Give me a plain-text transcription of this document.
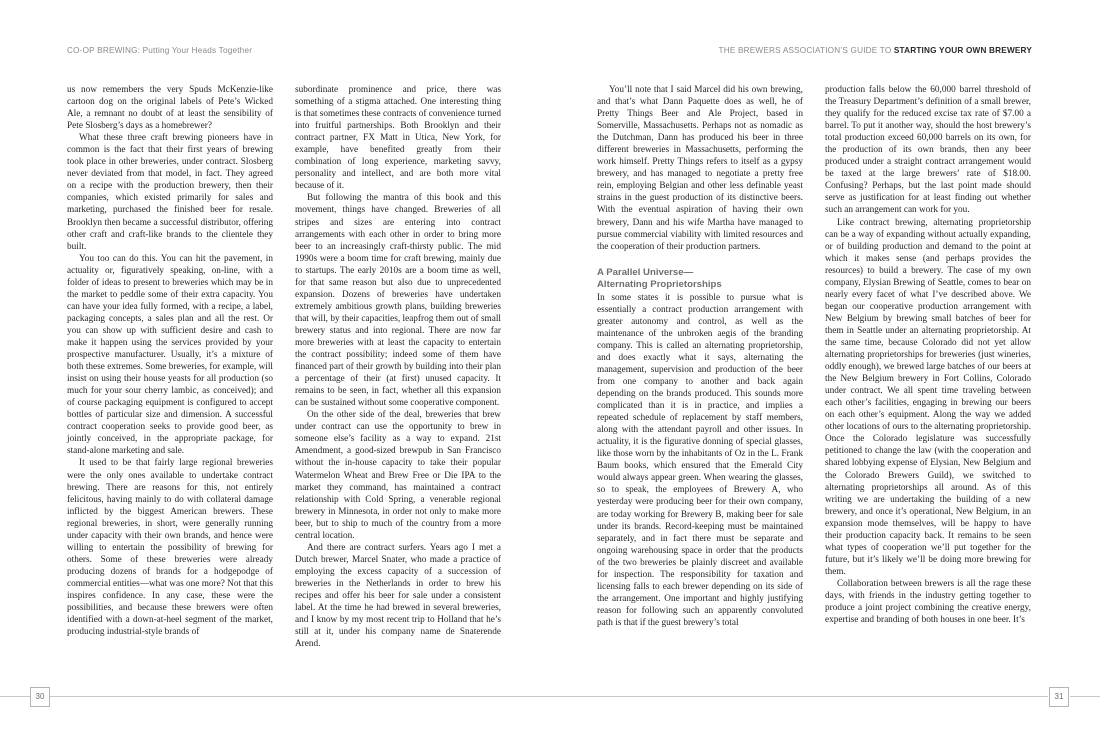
CO-OP BREWING: Putting Your Heads Together	THE BREWERS ASSOCIATION’S GUIDE TO STARTING YOUR OWN BREWERY

us now remembers the very Spuds McKenzie-like cartoon dog on the original labels of Pete’s Wicked Ale, a remnant no doubt of at least the sensibility of Pete Slosberg’s days as a homebrewer?

What these three craft brewing pioneers have in common is the fact that their first years of brewing took place in other breweries, under contract. Slosberg never deviated from that model, in fact. They agreed on a recipe with the production brewery, then their companies, which existed primarily for sales and marketing, purchased the finished beer for resale. Brooklyn then became a successful distributor, offering other craft and craft-like brands to the clientele they built.

You too can do this. You can hit the pavement, in actuality or, figuratively speaking, on-line, with a folder of ideas to present to breweries which may be in the market to peddle some of their extra capacity. You can have your idea fully formed, with a recipe, a label, packaging concepts, a sales plan and all the rest. Or you can show up with sufficient desire and cash to make it happen using the services provided by your prospective manufacturer. Usually, it’s a mixture of both these extremes. Some breweries, for example, will insist on using their house yeasts for all production (so much for your sour cherry lambic, as conceived); and of course packaging equipment is configured to accept bottles of particular size and dimension. A successful contract cooperation seeks to provide good beer, as jointly conceived, in the appropriate package, for stand-alone marketing and sale.

It used to be that fairly large regional breweries were the only ones available to undertake contract brewing. There are reasons for this, not entirely felicitous, having mainly to do with collateral damage inflicted by the biggest American brewers. These regional breweries, in short, were generally running under capacity with their own brands, and hence were willing to entertain the possibility of brewing for others. Some of these breweries were already producing dozens of brands for a hodgepodge of commercial entities—what was one more? Not that this inspires confidence. In any case, these were the possibilities, and because these brewers were often identified with a down-at-heel segment of the market, producing industrial-style brands of

subordinate prominence and price, there was something of a stigma attached. One interesting thing is that sometimes these contracts of convenience turned into fruitful partnerships. Both Brooklyn and their contract partner, FX Matt in Utica, New York, for example, have benefited greatly from their combination of long experience, marketing savvy, personality and intellect, and are both more vital because of it.

But following the mantra of this book and this movement, things have changed. Breweries of all stripes and sizes are entering into contract arrangements with each other in order to bring more beer to an increasingly craft-thirsty public. The mid 1990s were a boom time for craft brewing, mainly due to startups. The early 2010s are a boom time as well, for that same reason but also due to unprecedented expansion. Dozens of breweries have undertaken extremely ambitious growth plans, building breweries that will, by their capacities, leapfrog them out of small brewery status and into regional. There are now far more breweries with at least the capacity to entertain the contract possibility; indeed some of them have financed part of their growth by building into their plan a percentage of their (at first) unused capacity. It remains to be seen, in fact, whether all this expansion can be sustained without some cooperative component.

On the other side of the deal, breweries that brew under contract can use the opportunity to brew in someone else’s facility as a way to expand. 21st Amendment, a good-sized brewpub in San Francisco without the in-house capacity to take their popular Watermelon Wheat and Brew Free or Die IPA to the market they command, has maintained a contract relationship with Cold Spring, a venerable regional brewery in Minnesota, in order not only to make more beer, but to ship to much of the country from a more central location.

And there are contract surfers. Years ago I met a Dutch brewer, Marcel Snater, who made a practice of employing the excess capacity of a succession of breweries in the Netherlands in order to brew his recipes and offer his beer for sale under a consistent label. At the time he had brewed in several breweries, and I know by my most recent trip to Holland that he’s still at it, under his company name de Snaterende Arend.

You’ll note that I said Marcel did his own brewing, and that’s what Dann Paquette does as well, he of Pretty Things Beer and Ale Project, based in Somerville, Massachusetts. Perhaps not as nomadic as the Dutchman, Dann has produced his beer in three different breweries in Massachusetts, performing the work himself. Pretty Things refers to itself as a gypsy brewery, and has managed to negotiate a pretty free rein, employing Belgian and other less definable yeast strains in the guest production of its distinctive beers. With the eventual aspiration of having their own brewery, Dann and his wife Martha have managed to pursue commercial viability with limited resources and the cooperation of their production partners.

A Parallel Universe—
Alternating Proprietorships

In some states it is possible to pursue what is essentially a contract production arrangement with greater autonomy and control, as well as the maintenance of the unbroken aegis of the branding company. This is called an alternating proprietorship, and does exactly what it says, alternating the management, supervision and production of the beer from one company to another and back again depending on the brands produced. This sounds more complicated than it is in practice, and implies a repeated schedule of replacement by staff members, along with the attendant payroll and other issues. In actuality, it is the figurative donning of special glasses, like those worn by the inhabitants of Oz in the L. Frank Baum books, which ensured that the Emerald City would always appear green. When wearing the glasses, so to speak, the employees of Brewery A, who yesterday were producing beer for their own company, are today working for Brewery B, making beer for sale under its brands. Record-keeping must be maintained separately, and in fact there must be separate and ongoing warehousing space in order that the products of the two breweries be plainly discreet and available for inspection. The responsibility for taxation and licensing falls to each brewer depending on its side of the arrangement. One important and highly justifying reason for following such an apparently convoluted path is that if the guest brewery’s total

production falls below the 60,000 barrel threshold of the Treasury Department’s definition of a small brewer, they qualify for the reduced excise tax rate of $7.00 a barrel. To put it another way, should the host brewery’s total production exceed 60,000 barrels on its own, for the production of its own brands, then any beer produced under a straight contract arrangement would be taxed at the large brewers’ rate of $18.00. Confusing? Perhaps, but the last point made should serve as justification for at least finding out whether such an arrangement can work for you.

Like contract brewing, alternating proprietorship can be a way of expanding without actually expanding, or of building production and demand to the point at which it makes sense (and perhaps provides the resources) to build a brewery. The case of my own company, Elysian Brewing of Seattle, comes to bear on nearly every facet of what I’ve described above. We began our cooperative production arrangement with New Belgium by brewing small batches of beer for them in Seattle under an alternating proprietorship. At the same time, because Colorado did not yet allow alternating proprietorships for breweries (just wineries, oddly enough), we brewed large batches of our beers at the New Belgium brewery in Fort Collins, Colorado under contract. We all spent time traveling between each other’s facilities, engaging in brewing our beers on each other’s equipment. Along the way we added other locations of ours to the alternating proprietorship. Once the Colorado legislature was successfully petitioned to change the law (with the cooperation and shared lobbying expense of Elysian, New Belgium and the Colorado Brewers Guild), we switched to alternating proprietorships all around. As of this writing we are undertaking the building of a new brewery, and once it’s operational, New Belgium, in an expansion mode themselves, will be happy to have their production capacity back. It remains to be seen what types of cooperation we’ll put together for the future, but it’s likely we’ll be doing more brewing for them.

Collaboration between brewers is all the rage these days, with friends in the industry getting together to produce a joint project combining the creative energy, expertise and branding of both houses in one beer. It’s

30	31
